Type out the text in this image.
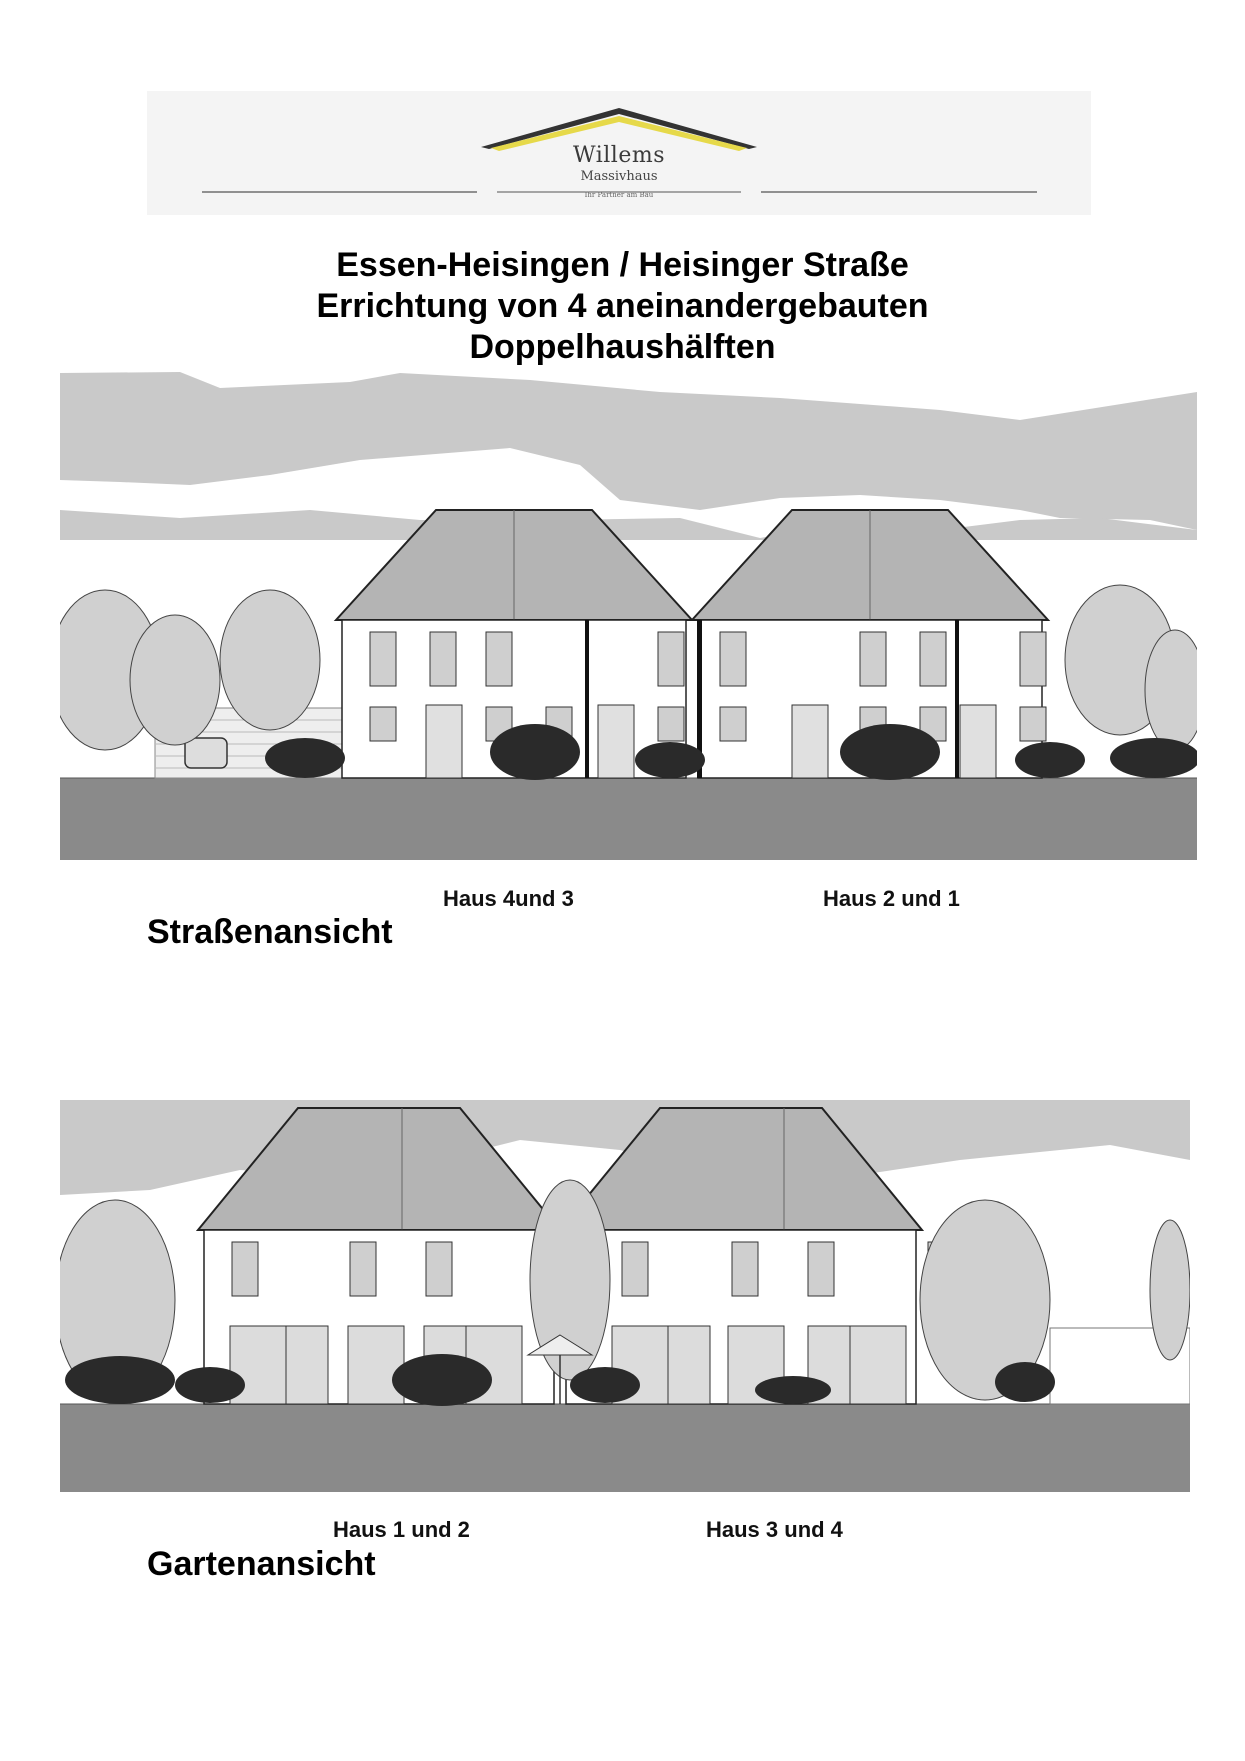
Willems
Massivhaus
Ihr Partner am Bau
Essen-Heisingen / Heisinger Straße
Errichtung von 4 aneinandergebauten
Doppelhaushälften
Haus 4und 3	Haus 2 und 1
Straßenansicht
Haus 1 und 2	Haus 3 und 4
Gartenansicht
